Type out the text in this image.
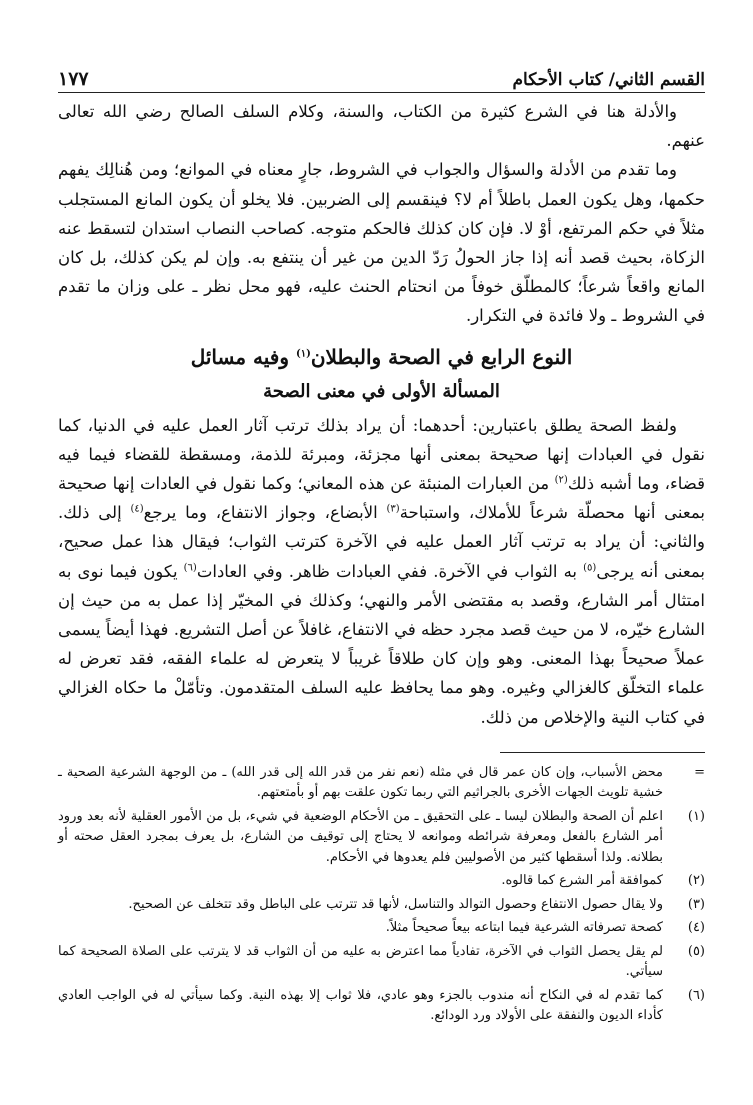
القسم الثاني/ كتاب الأحكام
١٧٧

والأدلة هنا في الشرع كثيرة من الكتاب، والسنة، وكلام السلف الصالح رضي الله تعالى عنهم.

وما تقدم من الأدلة والسؤال والجواب في الشروط، جارٍ معناه في الموانع؛ ومن هُنالِك يفهم حكمها، وهل يكون العمل باطلاً أم لا؟ فينقسم إلى الضربين. فلا يخلو أن يكون المانع المستجلب مثلاً في حكم المرتفع، أوْ لا. فإن كان كذلك فالحكم متوجه. كصاحب النصاب استدان لتسقط عنه الزكاة، بحيث قصد أنه إذا جاز الحولُ رَدّ الدين من غير أن ينتفع به. وإن لم يكن كذلك، بل كان المانع واقعاً شرعاً؛ كالمطلّق خوفاً من انحتام الحنث عليه، فهو محل نظر ـ على وزان ما تقدم في الشروط ـ ولا فائدة في التكرار.

النوع الرابع في الصحة والبطلان$^{(١)}$ وفيه مسائل
المسألة الأولى في معنى الصحة

ولفظ الصحة يطلق باعتبارين: أحدهما: أن يراد بذلك ترتب آثار العمل عليه في الدنيا، كما نقول في العبادات إنها صحيحة بمعنى أنها مجزئة، ومبرئة للذمة، ومسقطة للقضاء فيما فيه قضاء، وما أشبه ذلك$^{(٢)}$ من العبارات المنبئة عن هذه المعاني؛ وكما نقول في العادات إنها صحيحة بمعنى أنها محصلّة شرعاً للأملاك، واستباحة$^{(٣)}$ الأبضاع، وجواز الانتفاع، وما يرجع$^{(٤)}$ إلى ذلك. والثاني: أن يراد به ترتب آثار العمل عليه في الآخرة كترتب الثواب؛ فيقال هذا عمل صحيح، بمعنى أنه يرجى$^{(٥)}$ به الثواب في الآخرة. ففي العبادات ظاهر. وفي العادات$^{(٦)}$ يكون فيما نوى به امتثال أمر الشارع، وقصد به مقتضى الأمر والنهي؛ وكذلك في المخيّر إذا عمل به من حيث إن الشارع خيّره، لا من حيث قصد مجرد حظه في الانتفاع، غافلاً عن أصل التشريع. فهذا أيضاً يسمى عملاً صحيحاً بهذا المعنى. وهو وإن كان طلاقاً غريباً لا يتعرض له علماء الفقه، فقد تعرض له علماء التخلّق كالغزالي وغيره. وهو مما يحافظ عليه السلف المتقدمون. وتأمّلْ ما حكاه الغزالي في كتاب النية والإخلاص من ذلك.

=
محض الأسباب، وإن كان عمر قال في مثله (نعم نفر من قدر الله إلى قدر الله) ـ من الوجهة الشرعية الصحية ـ خشية تلويث الجهات الأخرى بالجراثيم التي ربما تكون علقت بهم أو بأمتعتهم.
(١)
اعلم أن الصحة والبطلان ليسا ـ على التحقيق ـ من الأحكام الوضعية في شيء، بل من الأمور العقلية لأنه بعد ورود أمر الشارع بالفعل ومعرفة شرائطه وموانعه لا يحتاج إلى توقيف من الشارع، بل يعرف بمجرد العقل صحته أو بطلانه. ولذا أسقطها كثير من الأصوليين فلم يعدوها في الأحكام.
(٢)
كموافقة أمر الشرع كما قالوه.
(٣)
ولا يقال حصول الانتفاع وحصول التوالد والتناسل، لأنها قد تترتب على الباطل وقد تتخلف عن الصحيح.
(٤)
كصحة تصرفاته الشرعية فيما ابتاعه بيعاً صحيحاً مثلاً.
(٥)
لم يقل يحصل الثواب في الآخرة، تفادياً مما اعترض به عليه من أن الثواب قد لا يترتب على الصلاة الصحيحة كما سيأتي.
(٦)
كما تقدم له في النكاح أنه مندوب بالجزء وهو عادي، فلا ثواب إلا بهذه النية. وكما سيأتي له في الواجب العادي كأداء الديون والنفقة على الأولاد ورد الودائع.
